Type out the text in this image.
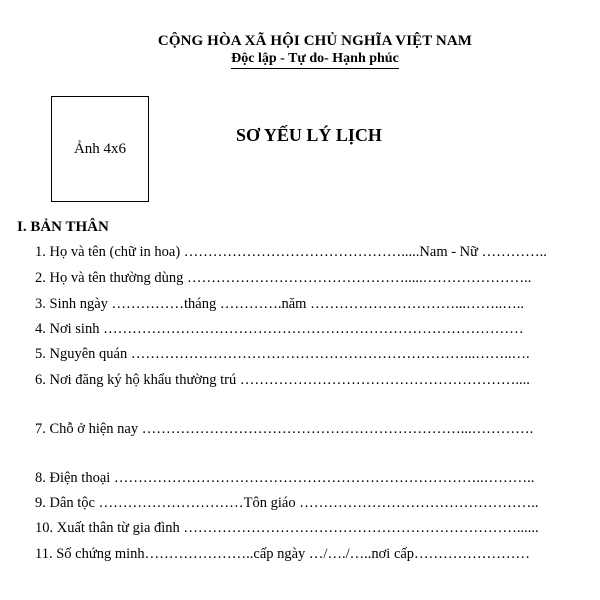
CỘNG HÒA XÃ HỘI CHỦ NGHĨA VIỆT NAM
Độc lập - Tự do- Hạnh phúc
Ảnh 4x6
SƠ YẾU LÝ LỊCH
I. BẢN THÂN
1. Họ và tên (chữ in hoa) ……………………………………….....Nam - Nữ …………..
2. Họ và tên thường dùng ……………………………………….....…………………..
3. Sinh ngày ……………tháng ………….năm …………………………...……..…..
4. Nơi sinh ……………………………………………………………………………
5. Nguyên quán ……………………………………………………………...……..….
6. Nơi đăng ký hộ khẩu thường trú …………………………………………………....
7. Chỗ ở hiện nay …………………………………………………………...………….
8. Điện thoại …………………………………………………………………..………..
9. Dân tộc …………………………Tôn giáo …………………………………………..
10. Xuất thân từ gia đình ……………………………………………………………......
11. Số chứng minh…………………..cấp ngày …/…./…..nơi cấp……………………
